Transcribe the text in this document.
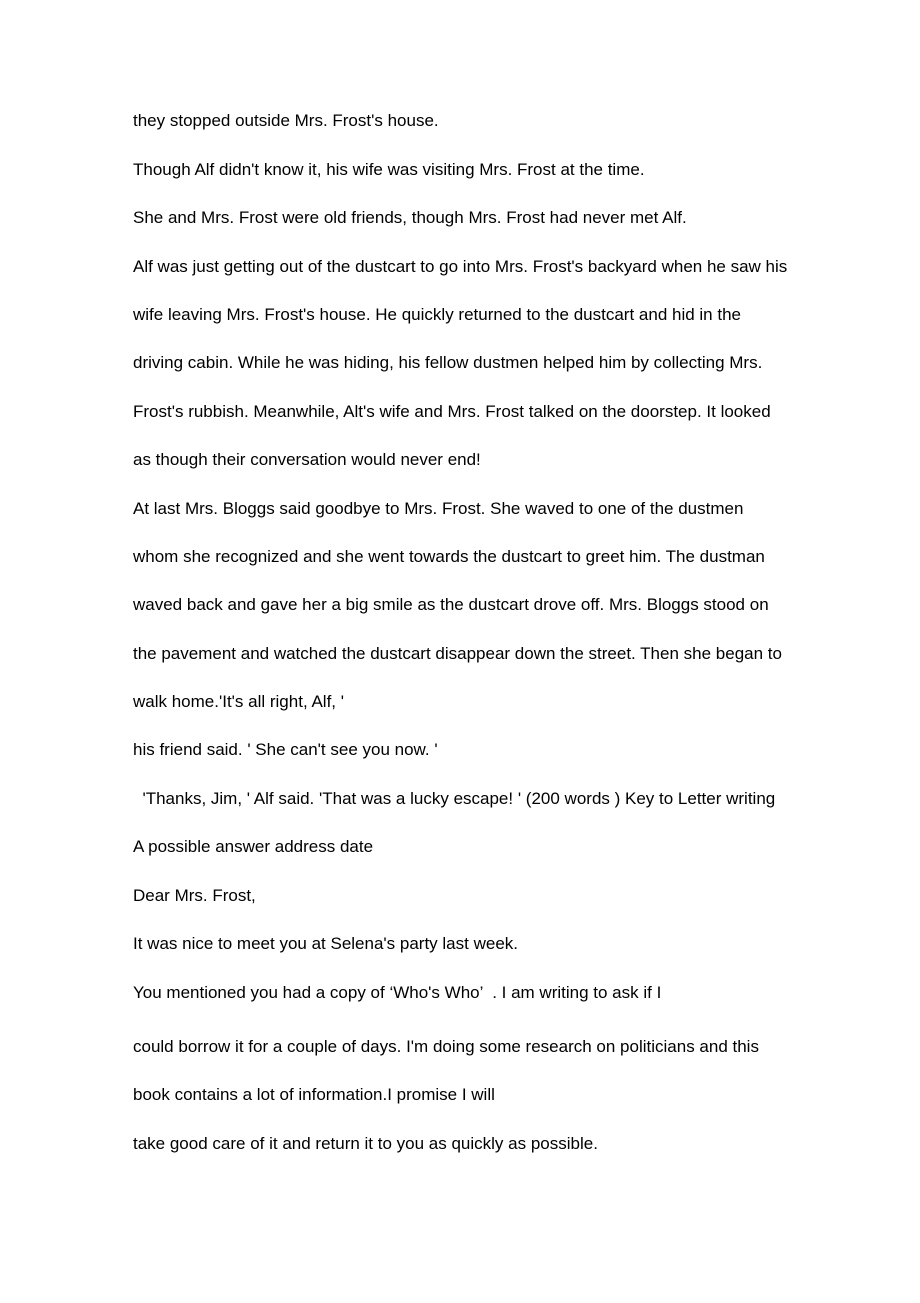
they stopped outside Mrs. Frost's house.

Though Alf didn't know it, his wife was visiting Mrs. Frost at the time.

She and Mrs. Frost were old friends, though Mrs. Frost had never met Alf.

Alf was just getting out of the dustcart to go into Mrs. Frost's backyard when he saw his

wife leaving Mrs. Frost's house. He quickly returned to the dustcart and hid in the

driving cabin. While he was hiding, his fellow dustmen helped him by collecting Mrs.

Frost's rubbish. Meanwhile, Alt's wife and Mrs. Frost talked on the doorstep. It looked

as though their conversation would never end!

At last Mrs. Bloggs said goodbye to Mrs. Frost. She waved to one of the dustmen

whom she recognized and she went towards the dustcart to greet him. The dustman

waved back and gave her a big smile as the dustcart drove off. Mrs. Bloggs stood on

the pavement and watched the dustcart disappear down the street. Then she began to

walk home.'It's all right, Alf, '

his friend said. ' She can't see you now. '

'Thanks, Jim, ' Alf said. 'That was a lucky escape! ' (200 words ) Key to Letter writing

A possible answer address date

Dear Mrs. Frost,

It was nice to meet you at Selena's party last week.

You mentioned you had a copy of ‘Who's Who’  . I am writing to ask if I

could borrow it for a couple of days. I'm doing some research on politicians and this

book contains a lot of information.I promise I will

take good care of it and return it to you as quickly as possible.
